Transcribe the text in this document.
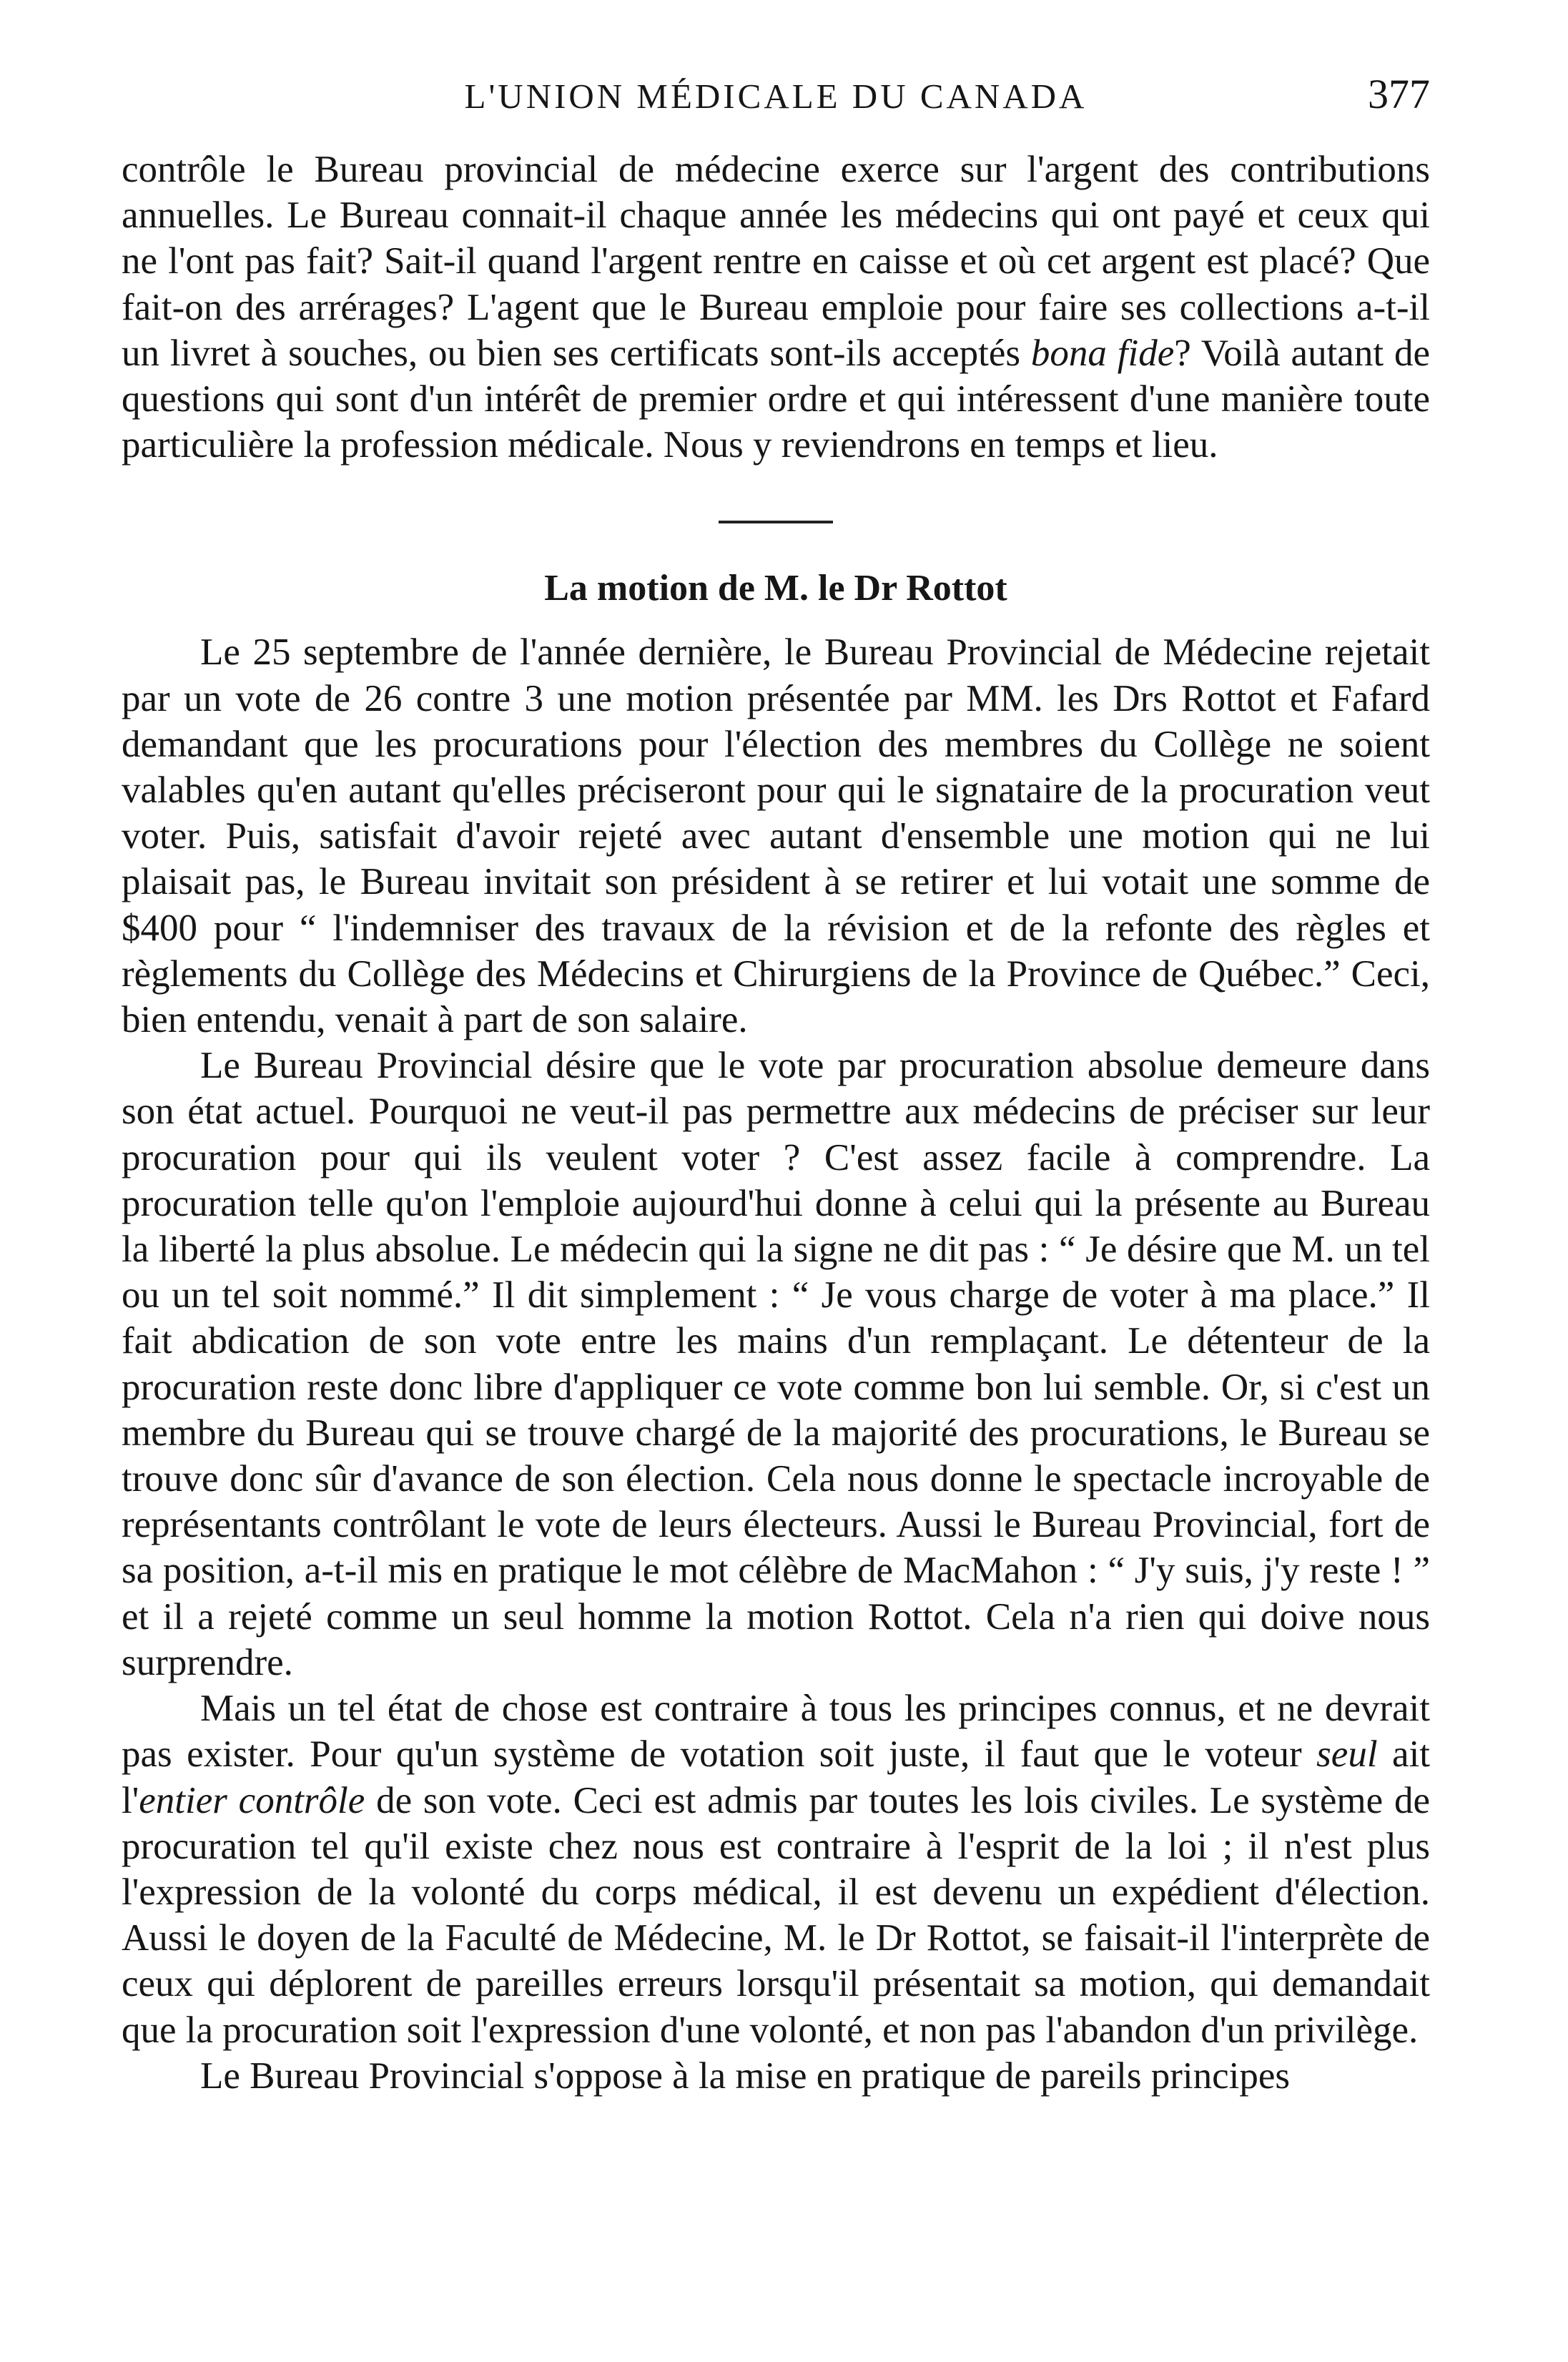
L'UNION MÉDICALE DU CANADA	377

contrôle le Bureau provincial de médecine exerce sur l'argent des contributions annuelles. Le Bureau connait-il chaque année les médecins qui ont payé et ceux qui ne l'ont pas fait? Sait-il quand l'argent rentre en caisse et où cet argent est placé? Que fait-on des arrérages? L'agent que le Bureau emploie pour faire ses collections a-t-il un livret à souches, ou bien ses certificats sont-ils acceptés bona fide? Voilà autant de questions qui sont d'un intérêt de premier ordre et qui intéressent d'une manière toute particulière la profession médicale. Nous y reviendrons en temps et lieu.

La motion de M. le Dr Rottot

Le 25 septembre de l'année dernière, le Bureau Provincial de Médecine rejetait par un vote de 26 contre 3 une motion présentée par MM. les Drs Rottot et Fafard demandant que les procurations pour l'élection des membres du Collège ne soient valables qu'en autant qu'elles préciseront pour qui le signataire de la procuration veut voter. Puis, satisfait d'avoir rejeté avec autant d'ensemble une motion qui ne lui plaisait pas, le Bureau invitait son président à se retirer et lui votait une somme de $400 pour “ l'indemniser des travaux de la révision et de la refonte des règles et règlements du Collège des Médecins et Chirurgiens de la Province de Québec.” Ceci, bien entendu, venait à part de son salaire.

Le Bureau Provincial désire que le vote par procuration absolue demeure dans son état actuel. Pourquoi ne veut-il pas permettre aux médecins de préciser sur leur procuration pour qui ils veulent voter ? C'est assez facile à comprendre. La procuration telle qu'on l'emploie aujourd'hui donne à celui qui la présente au Bureau la liberté la plus absolue. Le médecin qui la signe ne dit pas : “ Je désire que M. un tel ou un tel soit nommé.” Il dit simplement : “ Je vous charge de voter à ma place.” Il fait abdication de son vote entre les mains d'un remplaçant. Le détenteur de la procuration reste donc libre d'appliquer ce vote comme bon lui semble. Or, si c'est un membre du Bureau qui se trouve chargé de la majorité des procurations, le Bureau se trouve donc sûr d'avance de son élection. Cela nous donne le spectacle incroyable de représentants contrôlant le vote de leurs électeurs. Aussi le Bureau Provincial, fort de sa position, a-t-il mis en pratique le mot célèbre de MacMahon : “ J'y suis, j'y reste ! ” et il a rejeté comme un seul homme la motion Rottot. Cela n'a rien qui doive nous surprendre.

Mais un tel état de chose est contraire à tous les principes connus, et ne devrait pas exister. Pour qu'un système de votation soit juste, il faut que le voteur seul ait l'entier contrôle de son vote. Ceci est admis par toutes les lois civiles. Le système de procuration tel qu'il existe chez nous est contraire à l'esprit de la loi ; il n'est plus l'expression de la volonté du corps médical, il est devenu un expédient d'élection. Aussi le doyen de la Faculté de Médecine, M. le Dr Rottot, se faisait-il l'interprète de ceux qui déplorent de pareilles erreurs lorsqu'il présentait sa motion, qui demandait que la procuration soit l'expression d'une volonté, et non pas l'abandon d'un privilège.

Le Bureau Provincial s'oppose à la mise en pratique de pareils principes
